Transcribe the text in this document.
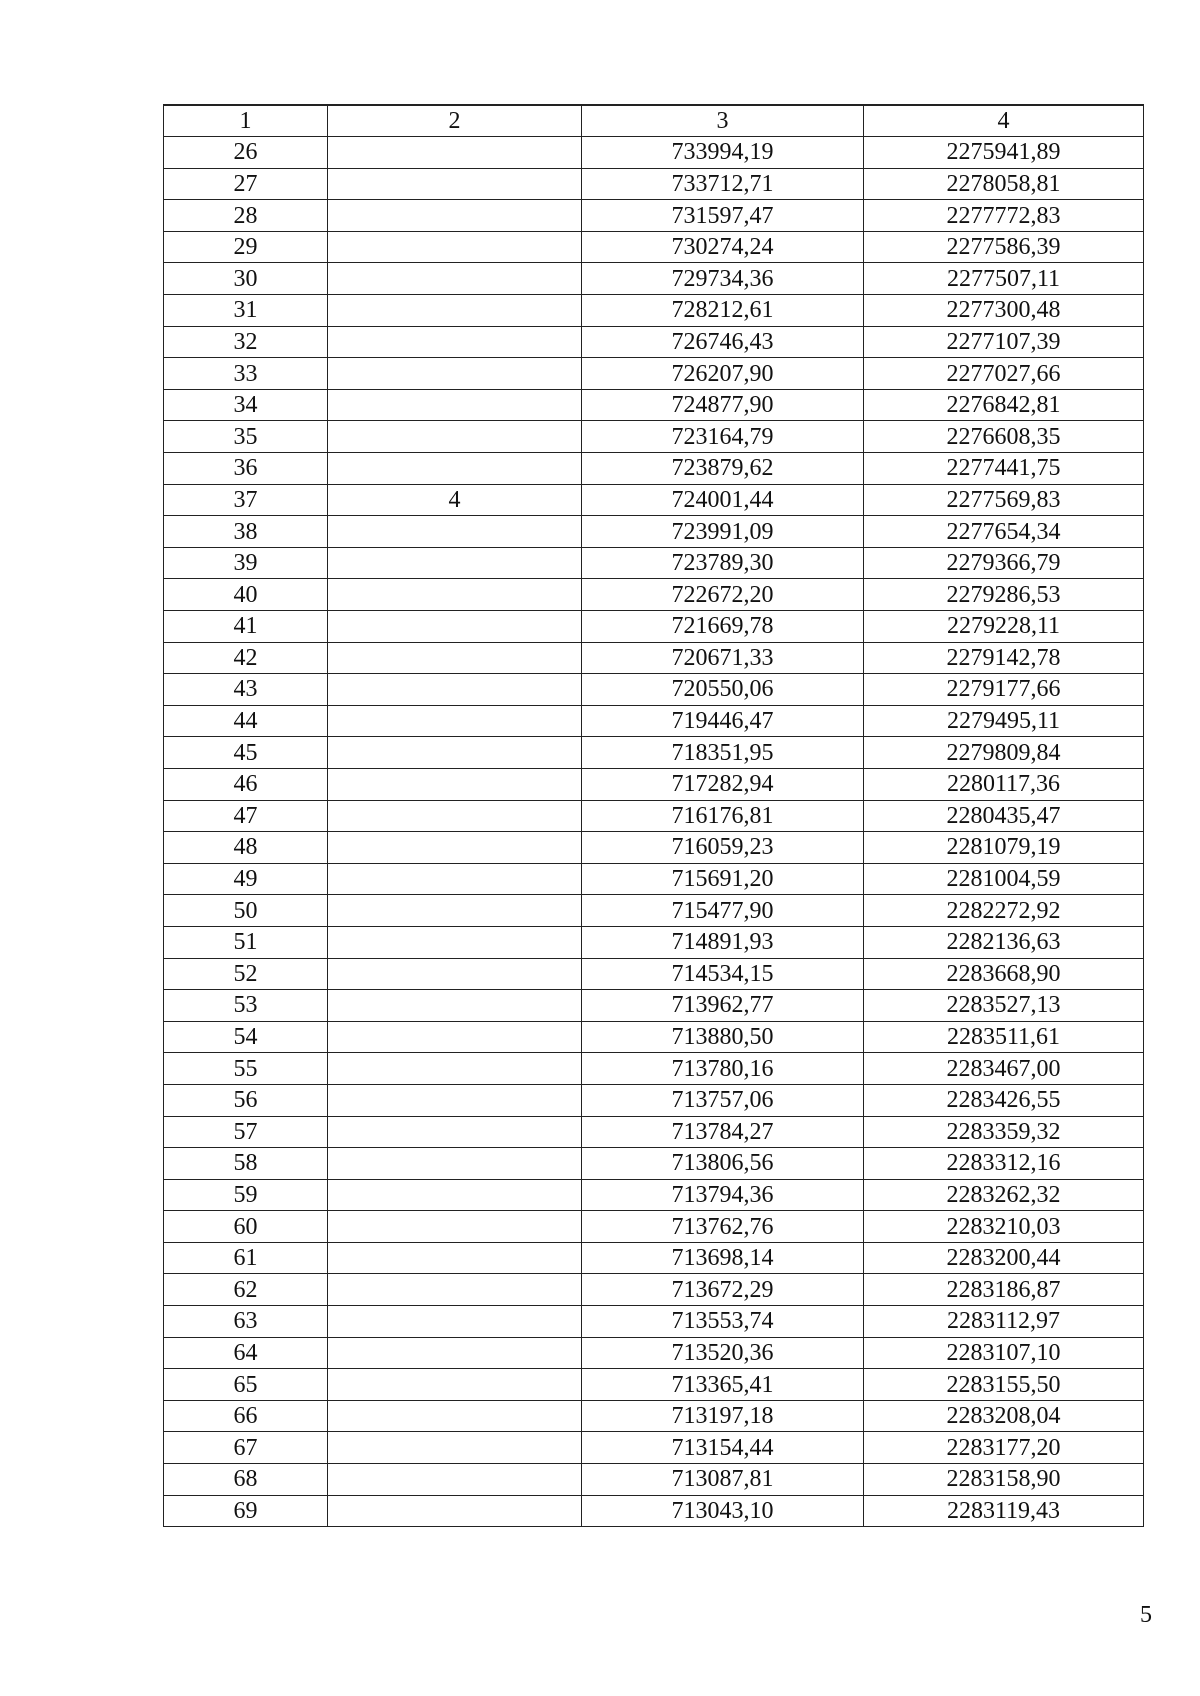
1	2	3	4
26		733994,19	2275941,89
27		733712,71	2278058,81
28		731597,47	2277772,83
29		730274,24	2277586,39
30		729734,36	2277507,11
31		728212,61	2277300,48
32		726746,43	2277107,39
33		726207,90	2277027,66
34		724877,90	2276842,81
35		723164,79	2276608,35
36		723879,62	2277441,75
37	4	724001,44	2277569,83
38		723991,09	2277654,34
39		723789,30	2279366,79
40		722672,20	2279286,53
41		721669,78	2279228,11
42		720671,33	2279142,78
43		720550,06	2279177,66
44		719446,47	2279495,11
45		718351,95	2279809,84
46		717282,94	2280117,36
47		716176,81	2280435,47
48		716059,23	2281079,19
49		715691,20	2281004,59
50		715477,90	2282272,92
51		714891,93	2282136,63
52		714534,15	2283668,90
53		713962,77	2283527,13
54		713880,50	2283511,61
55		713780,16	2283467,00
56		713757,06	2283426,55
57		713784,27	2283359,32
58		713806,56	2283312,16
59		713794,36	2283262,32
60		713762,76	2283210,03
61		713698,14	2283200,44
62		713672,29	2283186,87
63		713553,74	2283112,97
64		713520,36	2283107,10
65		713365,41	2283155,50
66		713197,18	2283208,04
67		713154,44	2283177,20
68		713087,81	2283158,90
69		713043,10	2283119,43
5
